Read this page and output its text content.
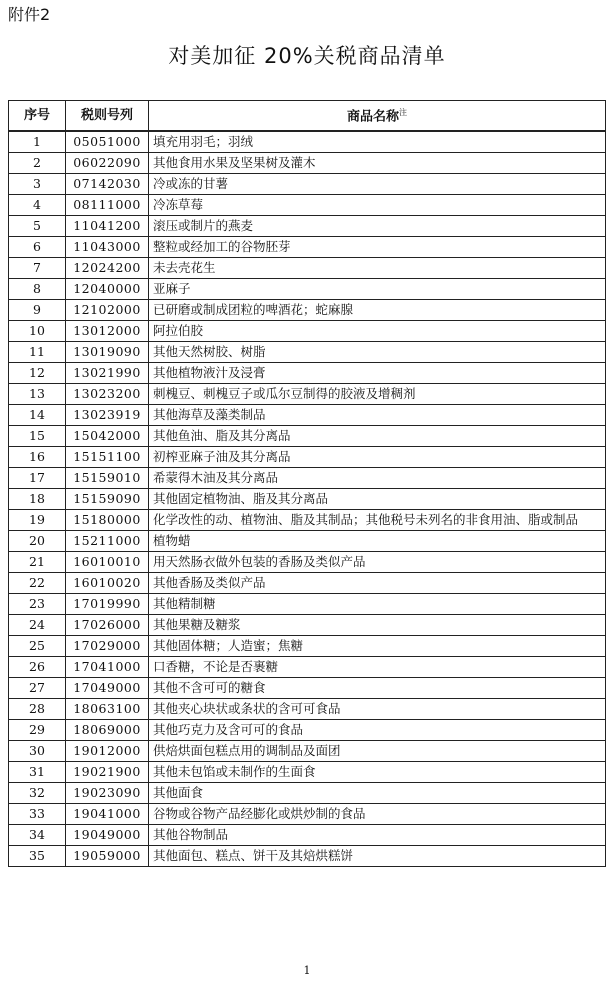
附件2
对美加征 20%关税商品清单
序号	税则号列	商品名称$^注$
1	05051000	填充用羽毛；羽绒
2	06022090	其他食用水果及坚果树及灌木
3	07142030	冷或冻的甘薯
4	08111000	冷冻草莓
5	11041200	滚压或制片的燕麦
6	11043000	整粒或经加工的谷物胚芽
7	12024200	未去壳花生
8	12040000	亚麻子
9	12102000	已研磨或制成团粒的啤酒花；蛇麻腺
10	13012000	阿拉伯胶
11	13019090	其他天然树胶、树脂
12	13021990	其他植物液汁及浸膏
13	13023200	刺槐豆、刺槐豆子或瓜尔豆制得的胶液及增稠剂
14	13023919	其他海草及藻类制品
15	15042000	其他鱼油、脂及其分离品
16	15151100	初榨亚麻子油及其分离品
17	15159010	希蒙得木油及其分离品
18	15159090	其他固定植物油、脂及其分离品
19	15180000	化学改性的动、植物油、脂及其制品；其他税号未列名的非食用油、脂或制品
20	15211000	植物蜡
21	16010010	用天然肠衣做外包装的香肠及类似产品
22	16010020	其他香肠及类似产品
23	17019990	其他精制糖
24	17026000	其他果糖及糖浆
25	17029000	其他固体糖；人造蜜；焦糖
26	17041000	口香糖，不论是否裹糖
27	17049000	其他不含可可的糖食
28	18063100	其他夹心块状或条状的含可可食品
29	18069000	其他巧克力及含可可的食品
30	19012000	供焙烘面包糕点用的调制品及面团
31	19021900	其他未包馅或未制作的生面食
32	19023090	其他面食
33	19041000	谷物或谷物产品经膨化或烘炒制的食品
34	19049000	其他谷物制品
35	19059000	其他面包、糕点、饼干及其焙烘糕饼
1
